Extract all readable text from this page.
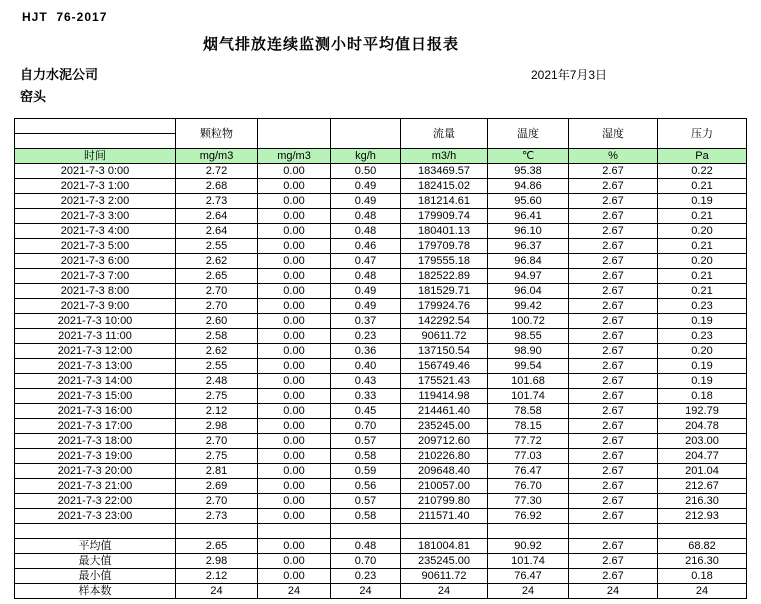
HJT  76-2017
烟气排放连续监测小时平均值日报表
自力水泥公司
窑头
2021年7月3日
	颗粒物			流量	温度	湿度	压力

时间	mg/m3	mg/m3	kg/h	m3/h	℃	%	Pa
2021-7-3 0:00	2.72	0.00	0.50	183469.57	95.38	2.67	0.22
2021-7-3 1:00	2.68	0.00	0.49	182415.02	94.86	2.67	0.21
2021-7-3 2:00	2.73	0.00	0.49	181214.61	95.60	2.67	0.19
2021-7-3 3:00	2.64	0.00	0.48	179909.74	96.41	2.67	0.21
2021-7-3 4:00	2.64	0.00	0.48	180401.13	96.10	2.67	0.20
2021-7-3 5:00	2.55	0.00	0.46	179709.78	96.37	2.67	0.21
2021-7-3 6:00	2.62	0.00	0.47	179555.18	96.84	2.67	0.20
2021-7-3 7:00	2.65	0.00	0.48	182522.89	94.97	2.67	0.21
2021-7-3 8:00	2.70	0.00	0.49	181529.71	96.04	2.67	0.21
2021-7-3 9:00	2.70	0.00	0.49	179924.76	99.42	2.67	0.23
2021-7-3 10:00	2.60	0.00	0.37	142292.54	100.72	2.67	0.19
2021-7-3 11:00	2.58	0.00	0.23	90611.72	98.55	2.67	0.23
2021-7-3 12:00	2.62	0.00	0.36	137150.54	98.90	2.67	0.20
2021-7-3 13:00	2.55	0.00	0.40	156749.46	99.54	2.67	0.19
2021-7-3 14:00	2.48	0.00	0.43	175521.43	101.68	2.67	0.19
2021-7-3 15:00	2.75	0.00	0.33	119414.98	101.74	2.67	0.18
2021-7-3 16:00	2.12	0.00	0.45	214461.40	78.58	2.67	192.79
2021-7-3 17:00	2.98	0.00	0.70	235245.00	78.15	2.67	204.78
2021-7-3 18:00	2.70	0.00	0.57	209712.60	77.72	2.67	203.00
2021-7-3 19:00	2.75	0.00	0.58	210226.80	77.03	2.67	204.77
2021-7-3 20:00	2.81	0.00	0.59	209648.40	76.47	2.67	201.04
2021-7-3 21:00	2.69	0.00	0.56	210057.00	76.70	2.67	212.67
2021-7-3 22:00	2.70	0.00	0.57	210799.80	77.30	2.67	216.30
2021-7-3 23:00	2.73	0.00	0.58	211571.40	76.92	2.67	212.93

平均值	2.65	0.00	0.48	181004.81	90.92	2.67	68.82
最大值	2.98	0.00	0.70	235245.00	101.74	2.67	216.30
最小值	2.12	0.00	0.23	90611.72	76.47	2.67	0.18
样本数	24	24	24	24	24	24	24
